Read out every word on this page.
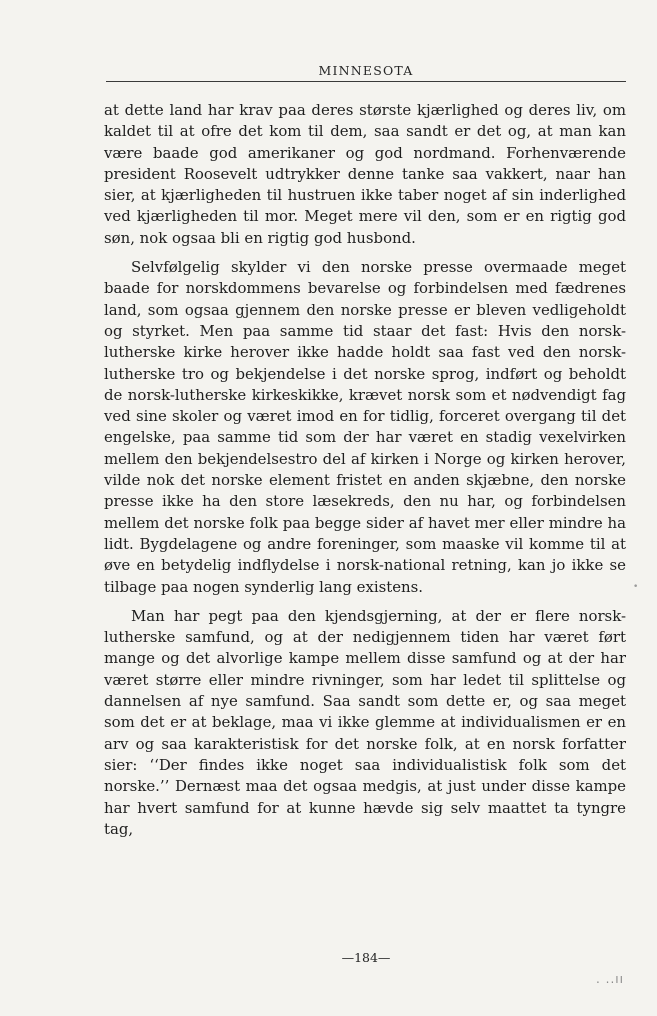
MINNESOTA

at dette land har krav paa deres største kjærlighed og deres liv, om kaldet til at ofre det kom til dem, saa sandt er det og, at man kan være baade god amerikaner og god nordmand. Forhenværende president Roosevelt udtrykker denne tanke saa vakkert, naar han sier, at kjærligheden til hustruen ikke taber noget af sin inderlighed ved kjærligheden til mor. Meget mere vil den, som er en rigtig god søn, nok ogsaa bli en rigtig god husbond.

Selvfølgelig skylder vi den norske presse overmaade meget baade for norskdommens bevarelse og forbindelsen med fædrenes land, som ogsaa gjennem den norske presse er bleven vedligeholdt og styrket. Men paa samme tid staar det fast: Hvis den norsk-lutherske kirke herover ikke hadde holdt saa fast ved den norsk-lutherske tro og bekjendelse i det norske sprog, indført og beholdt de norsk-lutherske kirkeskikke, krævet norsk som et nødvendigt fag ved sine skoler og været imod en for tidlig, forceret overgang til det engelske, paa samme tid som der har været en stadig vexelvirken mellem den bekjendelsestro del af kirken i Norge og kirken herover, vilde nok det norske element fristet en anden skjæbne, den norske presse ikke ha den store læsekreds, den nu har, og forbindelsen mellem det norske folk paa begge sider af havet mer eller mindre ha lidt. Bygdelagene og andre foreninger, som maaske vil komme til at øve en betydelig indflydelse i norsk-national retning, kan jo ikke se tilbage paa nogen synderlig lang existens.

Man har pegt paa den kjendsgjerning, at der er flere norsk-lutherske samfund, og at der nedigjennem tiden har været ført mange og det alvorlige kampe mellem disse samfund og at der har været større eller mindre rivninger, som har ledet til splittelse og dannelsen af nye samfund. Saa sandt som dette er, og saa meget som det er at beklage, maa vi ikke glemme at individualismen er en arv og saa karakteristisk for det norske folk, at en norsk forfatter sier: ‘‘Der findes ikke noget saa individualistisk folk som det norske.’’ Dernæst maa det ogsaa medgis, at just under disse kampe har hvert samfund for at kunne hævde sig selv maattet ta tyngre tag,

—184—
•
. ..ıı
